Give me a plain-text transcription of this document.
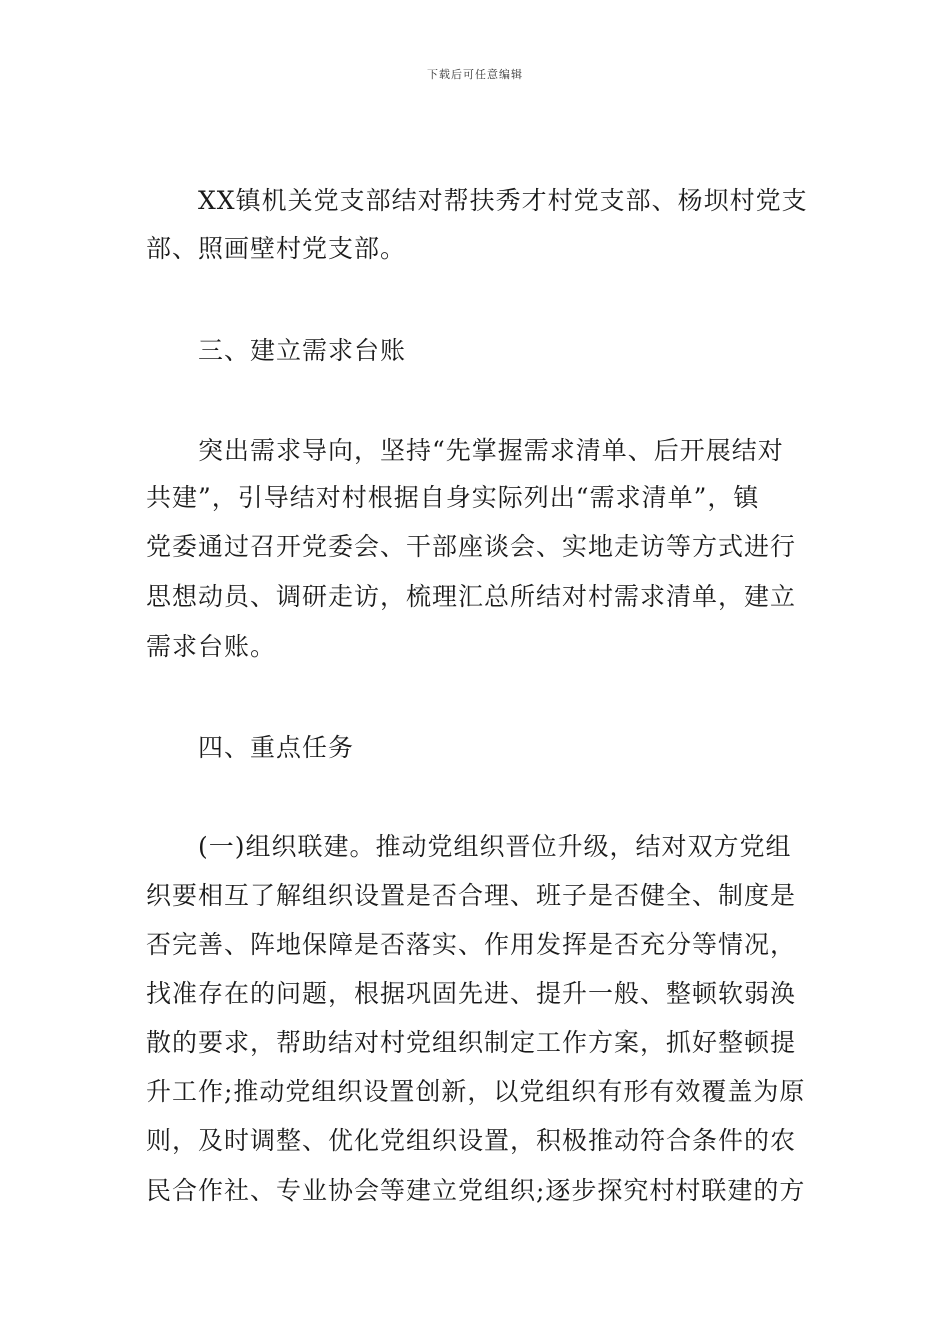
下载后可任意编辑
XX镇机关党支部结对帮扶秀才村党支部、杨坝村党支
部、照画壁村党支部。
三、建立需求台账
突出需求导向，坚持“先掌握需求清单、后开展结对
共建”，引导结对村根据自身实际列出“需求清单”，镇
党委通过召开党委会、干部座谈会、实地走访等方式进行
思想动员、调研走访，梳理汇总所结对村需求清单，建立
需求台账。
四、重点任务
(一)组织联建。推动党组织晋位升级，结对双方党组
织要相互了解组织设置是否合理、班子是否健全、制度是
否完善、阵地保障是否落实、作用发挥是否充分等情况，
找准存在的问题，根据巩固先进、提升一般、整顿软弱涣
散的要求，帮助结对村党组织制定工作方案，抓好整顿提
升工作;推动党组织设置创新，以党组织有形有效覆盖为原
则，及时调整、优化党组织设置，积极推动符合条件的农
民合作社、专业协会等建立党组织;逐步探究村村联建的方
